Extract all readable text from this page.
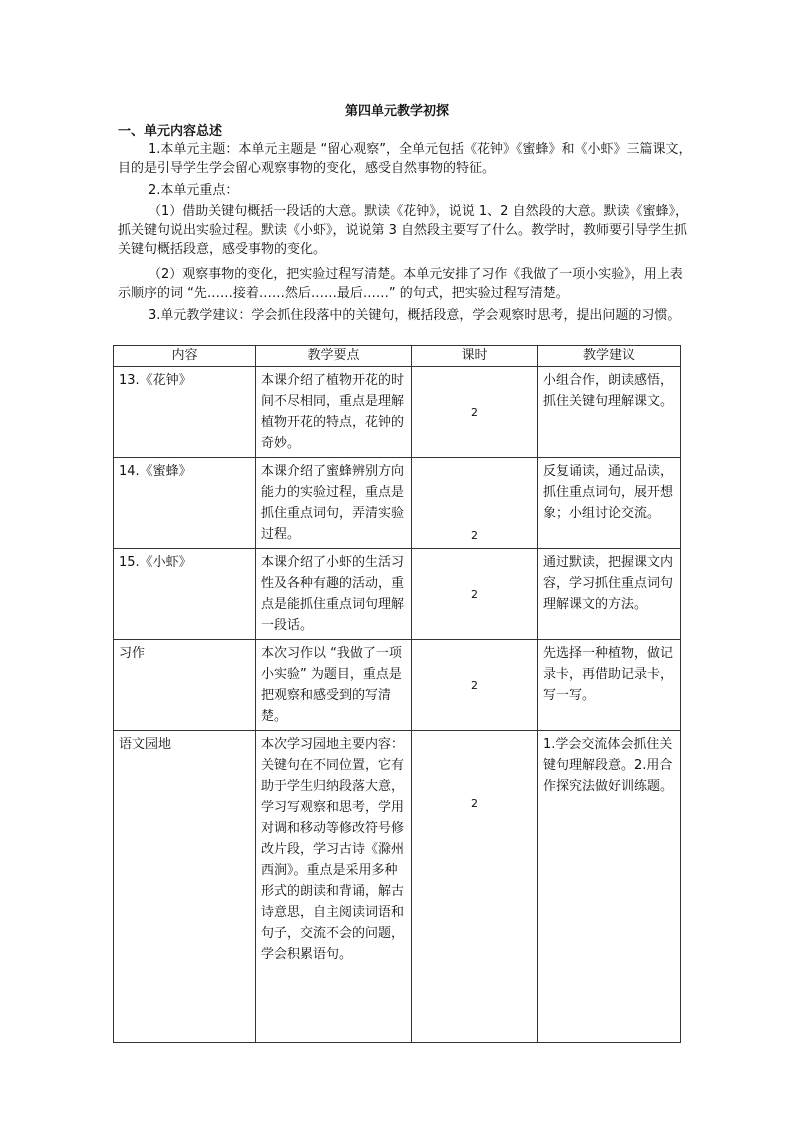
第四单元教学初探
一、单元内容总述

1.本单元主题：本单元主题是 “留心观察”，全单元包括《花钟》《蜜蜂》和《小虾》三篇课文，目的是引导学生学会留心观察事物的变化，感受自然事物的特征。

2.本单元重点：

（1）借助关键句概括一段话的大意。默读《花钟》，说说 1、2 自然段的大意。默读《蜜蜂》，抓关键句说出实验过程。默读《小虾》，说说第 3 自然段主要写了什么。教学时，教师要引导学生抓关键句概括段意，感受事物的变化。

（2）观察事物的变化，把实验过程写清楚。本单元安排了习作《我做了一项小实验》，用上表示顺序的词 “先……接着……然后……最后……” 的句式，把实验过程写清楚。

3.单元教学建议：学会抓住段落中的关键句，概括段意，学会观察时思考，提出问题的习惯。

内容	教学要点	课时	教学建议
13.《花钟》	本课介绍了植物开花的时间不尽相同，重点是理解植物开花的特点，花钟的奇妙。	2	小组合作，朗读感悟，抓住关键句理解课文。
14.《蜜蜂》	本课介绍了蜜蜂辨别方向能力的实验过程，重点是抓住重点词句，弄清实验过程。	2	反复诵读，通过品读，抓住重点词句，展开想象；小组讨论交流。
15.《小虾》	本课介绍了小虾的生活习性及各种有趣的活动，重点是能抓住重点词句理解一段话。	2	通过默读，把握课文内容，学习抓住重点词句理解课文的方法。
习作	本次习作以 “我做了一项小实验” 为题目，重点是把观察和感受到的写清楚。	2	先选择一种植物，做记录卡，再借助记录卡，写一写。
语文园地	本次学习园地主要内容：关键句在不同位置，它有助于学生归纳段落大意，学习写观察和思考，学用对调和移动等修改符号修改片段，学习古诗《滁州西涧》。重点是采用多种形式的朗读和背诵，解古诗意思，自主阅读词语和句子，交流不会的问题，学会积累语句。	2	1.学会交流体会抓住关键句理解段意。2.用合作探究法做好训练题。
